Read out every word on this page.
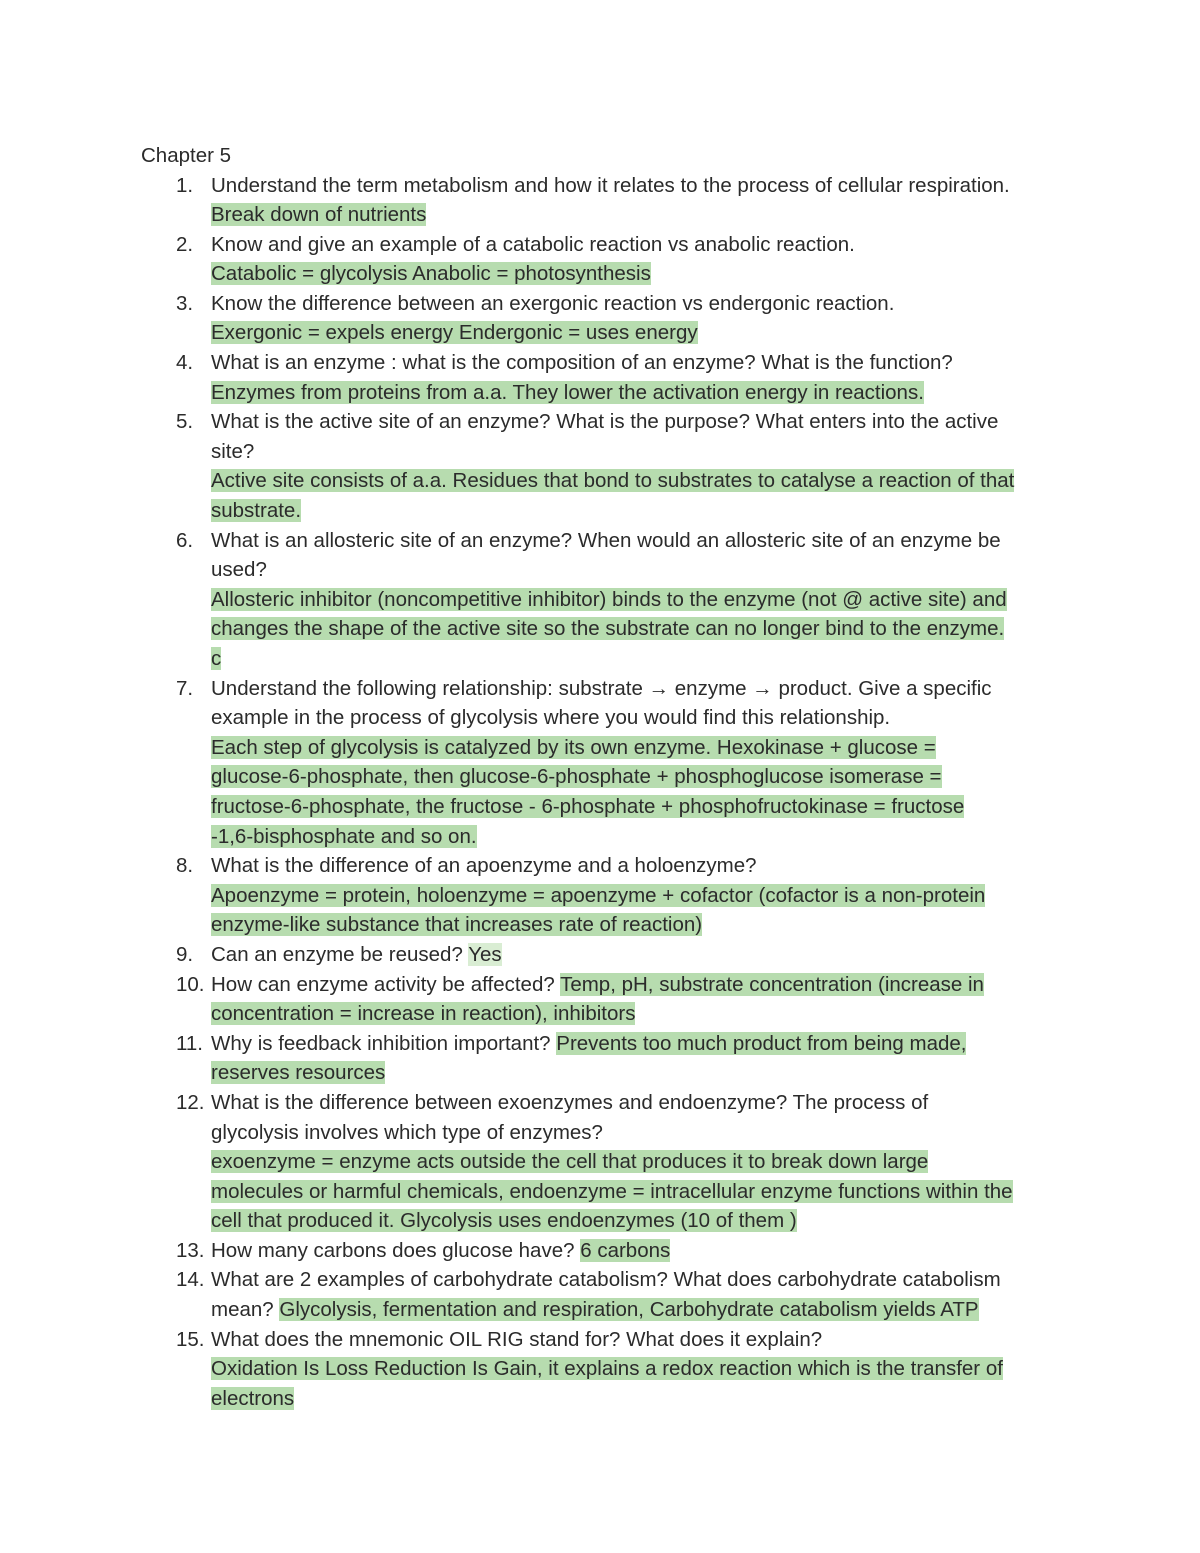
Chapter 5
1. Understand the term metabolism and how it relates to the process of cellular respiration.
Break down of nutrients
2. Know and give an example of a catabolic reaction vs anabolic reaction.
Catabolic = glycolysis Anabolic = photosynthesis
3. Know the difference between an exergonic reaction vs endergonic reaction.
Exergonic = expels energy Endergonic = uses energy
4. What is an enzyme : what is the composition of an enzyme? What is the function?
Enzymes from proteins from a.a. They lower the activation energy in reactions.
5. What is the active site of an enzyme? What is the purpose? What enters into the active
site?
Active site consists of a.a. Residues that bond to substrates to catalyse a reaction of that
substrate.
6. What is an allosteric site of an enzyme? When would an allosteric site of an enzyme be
used?
Allosteric inhibitor (noncompetitive inhibitor) binds to the enzyme (not @ active site) and
changes the shape of the active site so the substrate can no longer bind to the enzyme.
c
7. Understand the following relationship: substrate → enzyme → product. Give a specific
example in the process of glycolysis where you would find this relationship.
Each step of glycolysis is catalyzed by its own enzyme. Hexokinase + glucose =
glucose-6-phosphate, then glucose-6-phosphate + phosphoglucose isomerase =
fructose-6-phosphate, the fructose - 6-phosphate + phosphofructokinase = fructose
-1,6-bisphosphate and so on.
8. What is the difference of an apoenzyme and a holoenzyme?
Apoenzyme = protein, holoenzyme = apoenzyme + cofactor (cofactor is a non-protein
enzyme-like substance that increases rate of reaction)
9. Can an enzyme be reused? Yes
10. How can enzyme activity be affected? Temp, pH, substrate concentration (increase in
concentration = increase in reaction), inhibitors
11. Why is feedback inhibition important? Prevents too much product from being made,
reserves resources
12. What is the difference between exoenzymes and endoenzyme? The process of
glycolysis involves which type of enzymes?
exoenzyme = enzyme acts outside the cell that produces it to break down large
molecules or harmful chemicals, endoenzyme = intracellular enzyme functions within the
cell that produced it. Glycolysis uses endoenzymes (10 of them )
13. How many carbons does glucose have? 6 carbons
14. What are 2 examples of carbohydrate catabolism? What does carbohydrate catabolism
mean? Glycolysis, fermentation and respiration, Carbohydrate catabolism yields ATP
15. What does the mnemonic OIL RIG stand for? What does it explain?
Oxidation Is Loss Reduction Is Gain, it explains a redox reaction which is the transfer of
electrons
